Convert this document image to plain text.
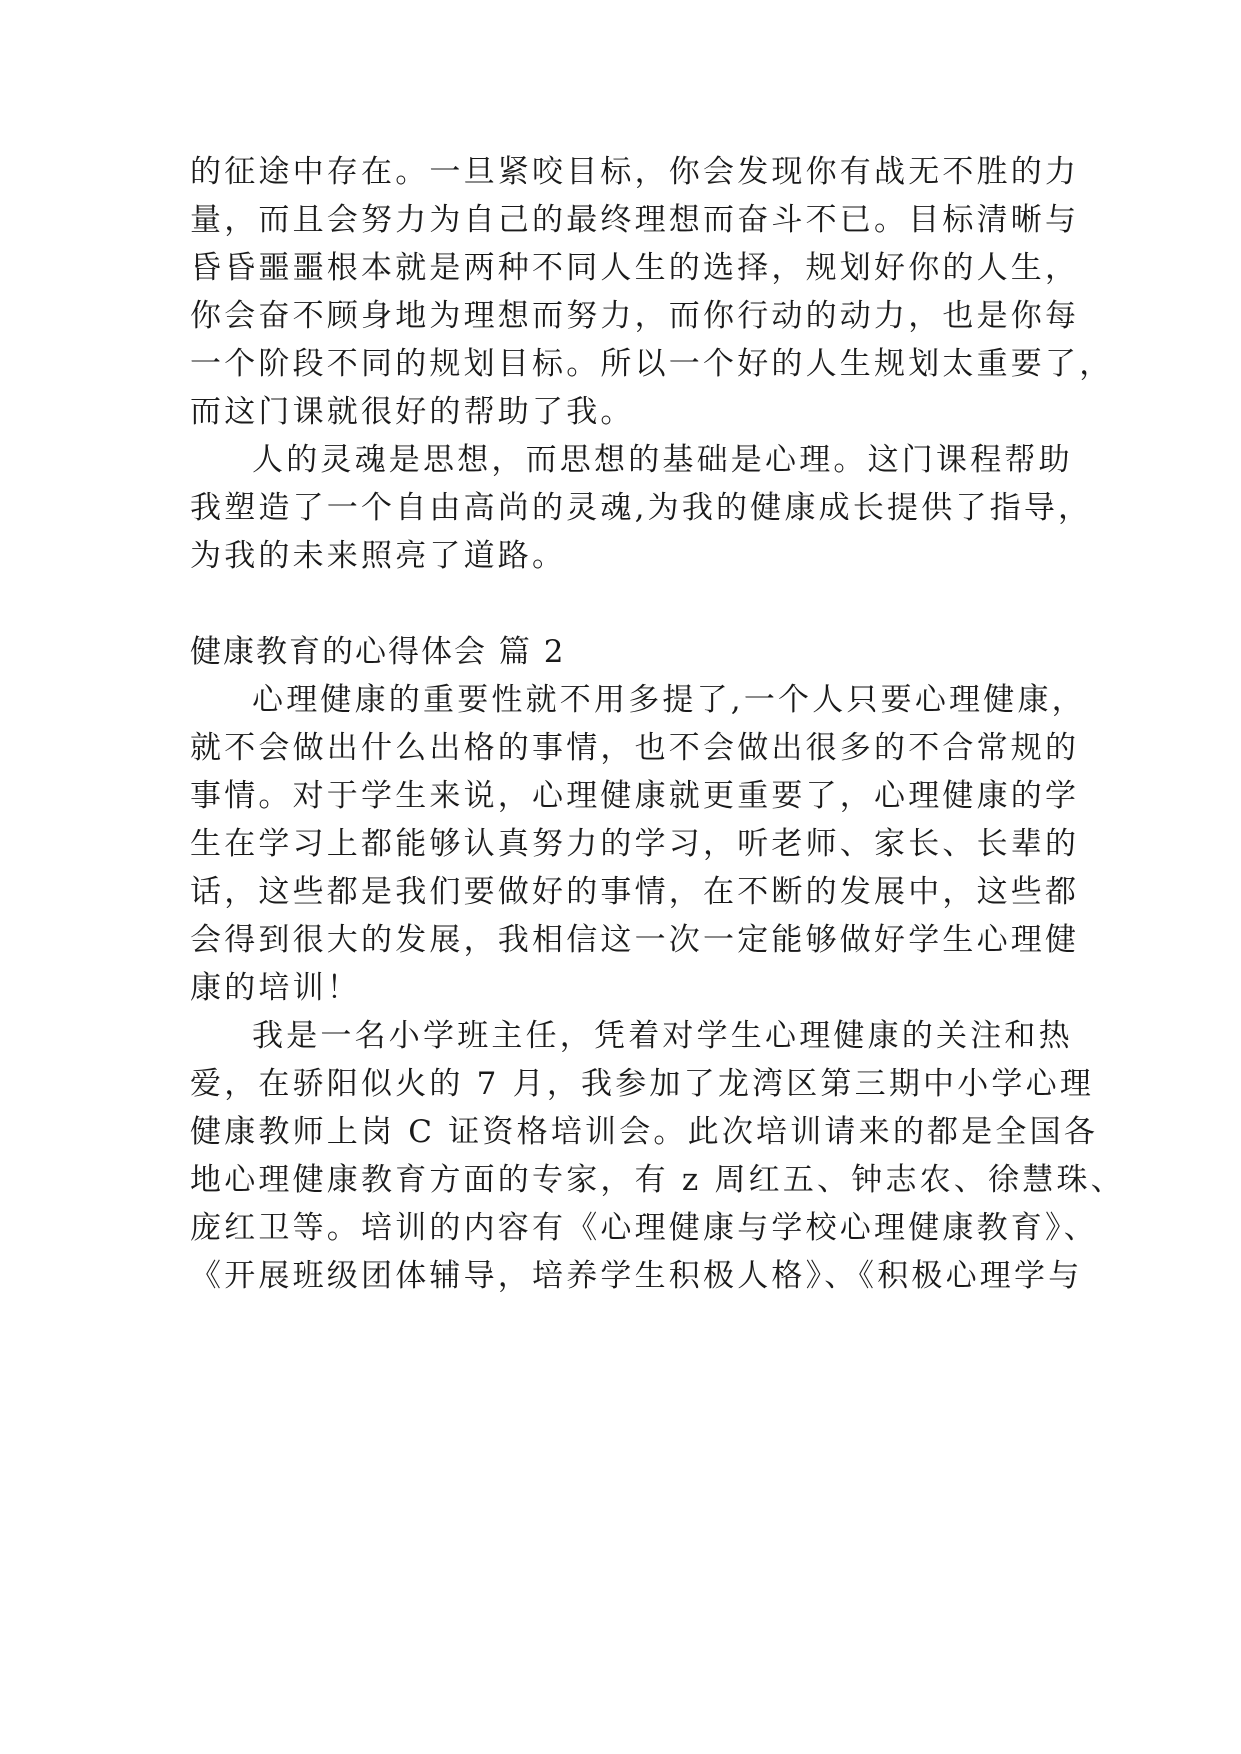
的征途中存在。一旦紧咬目标，你会发现你有战无不胜的力
量，而且会努力为自己的最终理想而奋斗不已。目标清晰与
昏昏噩噩根本就是两种不同人生的选择，规划好你的人生，
你会奋不顾身地为理想而努力，而你行动的动力，也是你每
一个阶段不同的规划目标。所以一个好的人生规划太重要了，
而这门课就很好的帮助了我。
人的灵魂是思想，而思想的基础是心理。这门课程帮助
我塑造了一个自由高尚的灵魂,为我的健康成长提供了指导，
为我的未来照亮了道路。
健康教育的心得体会 篇 2
心理健康的重要性就不用多提了,一个人只要心理健康，
就不会做出什么出格的事情，也不会做出很多的不合常规的
事情。对于学生来说，心理健康就更重要了，心理健康的学
生在学习上都能够认真努力的学习，听老师、家长、长辈的
话，这些都是我们要做好的事情，在不断的发展中，这些都
会得到很大的发展，我相信这一次一定能够做好学生心理健
康的培训！
我是一名小学班主任，凭着对学生心理健康的关注和热
爱，在骄阳似火的 7 月，我参加了龙湾区第三期中小学心理
健康教师上岗 C 证资格培训会。此次培训请来的都是全国各
地心理健康教育方面的专家，有 z 周红五、钟志农、徐慧珠、
庞红卫等。培训的内容有《心理健康与学校心理健康教育》、
《开展班级团体辅导，培养学生积极人格》、《积极心理学与
